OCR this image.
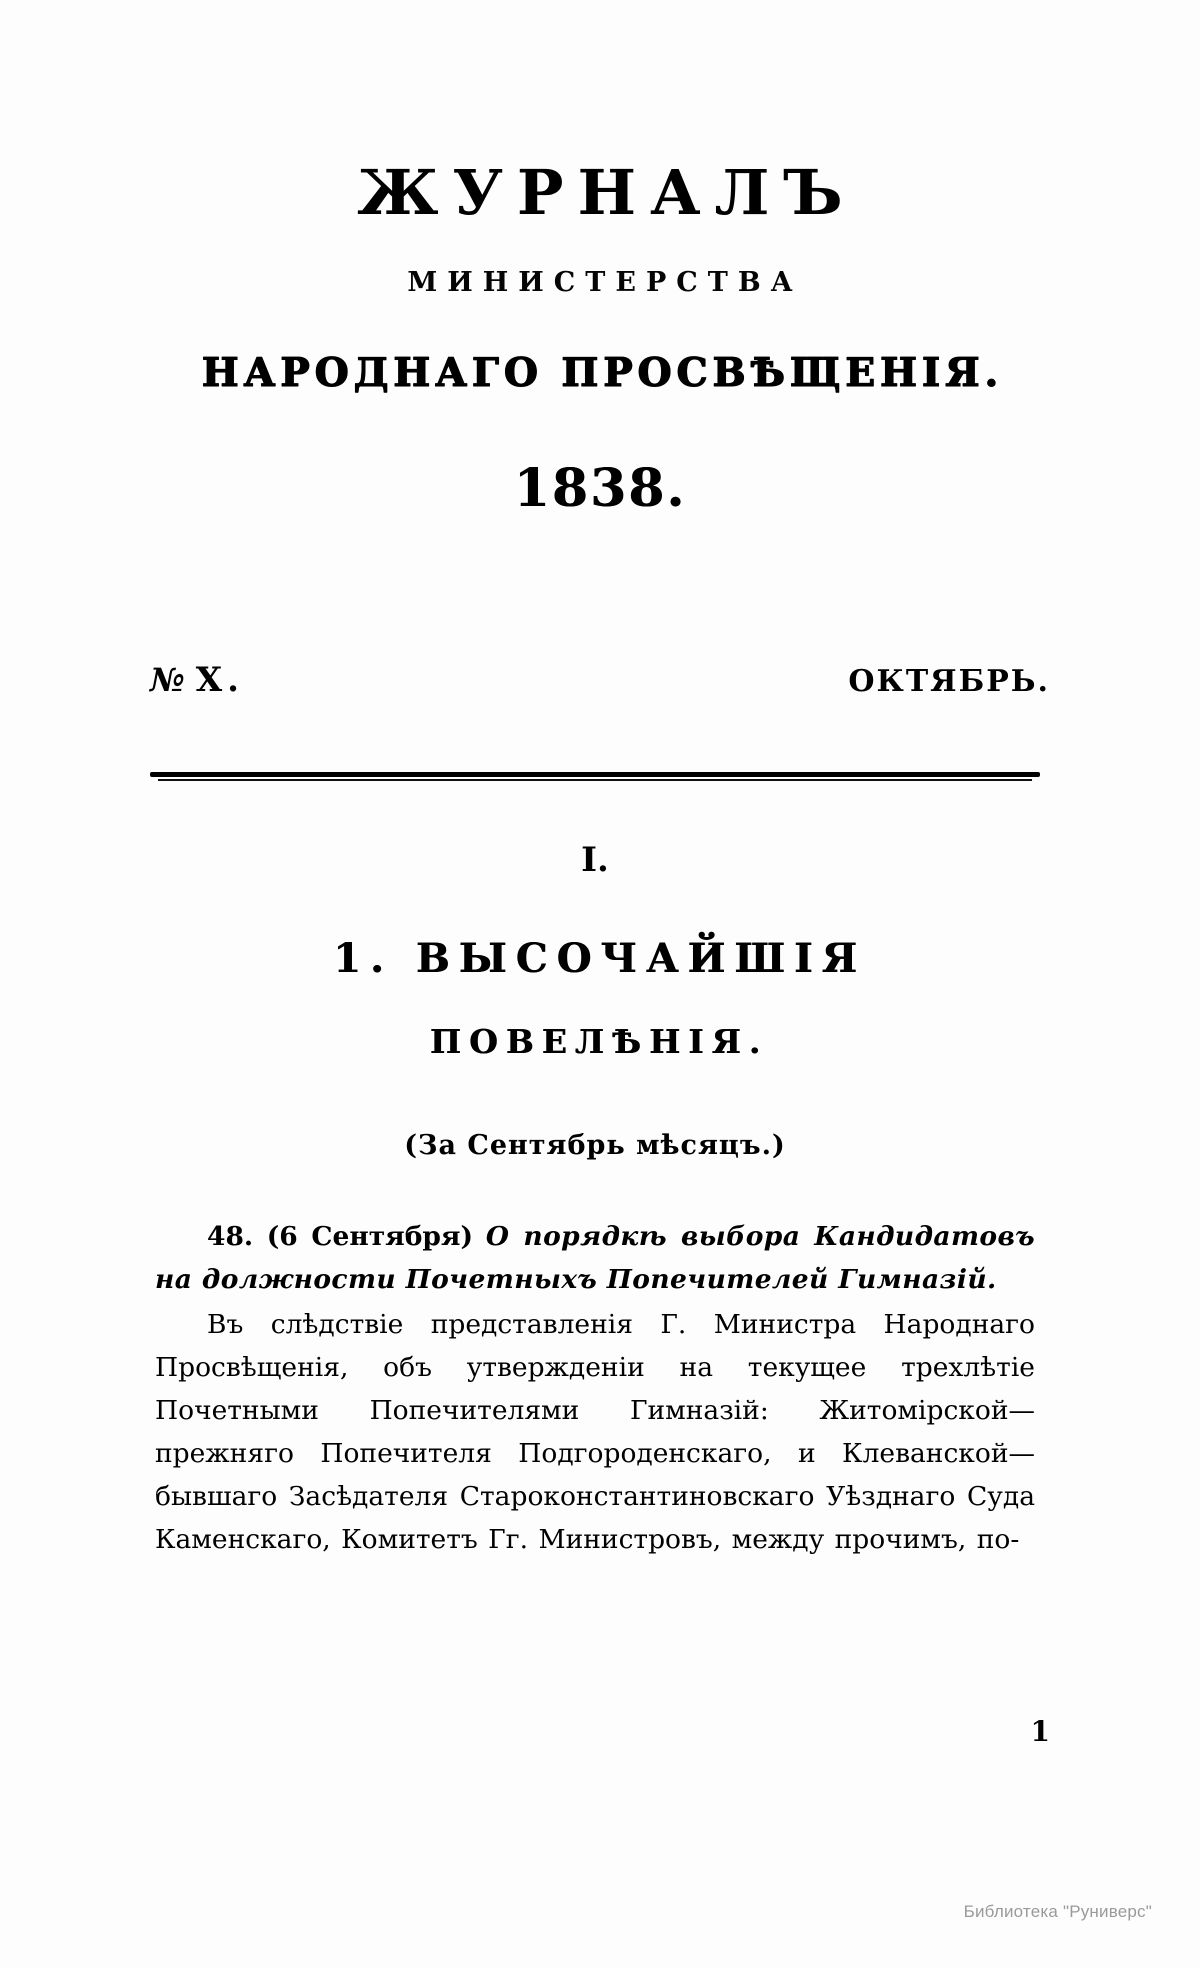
ЖУРНАЛЪ
МИНИСТЕРСТВА
НАРОДНАГО ПРОСВѢЩЕНІЯ.
1838.
№ X.	ОКТЯБРЬ.
I.
1. ВЫСОЧАЙШІЯ
ПОВЕЛѢНІЯ.
(За Сентябрь мѣсяцъ.)

48. (6 Сентября) О порядкѣ выбора Кандидатовъ на должности Почетныхъ Попечителей Гимназій.

Въ слѣдствіе представленія Г. Министра Народнаго Просвѣщенія, объ утвержденіи на текущее трехлѣтіе Почетными Попечителями Гимназій: Житомірской— прежняго Попечителя Подгороденскаго, и Клеванской—бывшаго Засѣдателя Староконстантиновскаго Уѣзднаго Суда Каменскаго, Комитетъ Гг. Министровъ, между прочимъ, по-

1
Библиотека "Руниверс"
